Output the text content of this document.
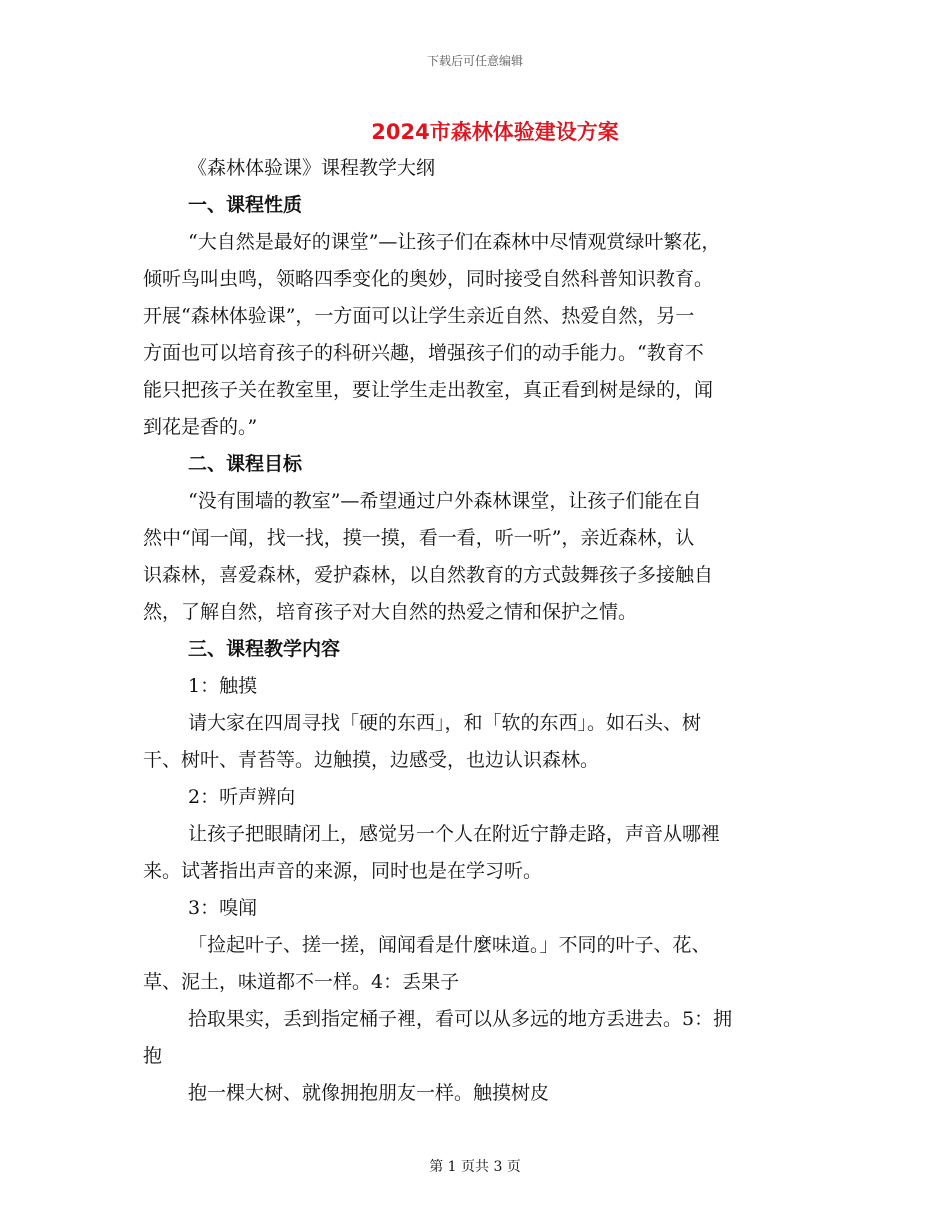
下载后可任意编辑
2024市森林体验建设方案
《森林体验课》课程教学大纲
一、课程性质
“大自然是最好的课堂”—让孩子们在森林中尽情观赏绿叶繁花，
倾听鸟叫虫鸣，领略四季变化的奥妙，同时接受自然科普知识教育。
开展“森林体验课”，一方面可以让学生亲近自然、热爱自然，另一
方面也可以培育孩子的科研兴趣，增强孩子们的动手能力。“教育不
能只把孩子关在教室里，要让学生走出教室，真正看到树是绿的，闻
到花是香的。”
二、课程目标
“没有围墙的教室”—希望通过户外森林课堂，让孩子们能在自
然中“闻一闻，找一找，摸一摸，看一看，听一听”，亲近森林，认
识森林，喜爱森林，爱护森林，以自然教育的方式鼓舞孩子多接触自
然，了解自然，培育孩子对大自然的热爱之情和保护之情。
三、课程教学内容
1：触摸
请大家在四周寻找「硬的东西」，和「软的东西」。如石头、树
干、树叶、青苔等。边触摸，边感受，也边认识森林。
2：听声辨向
让孩子把眼睛闭上，感觉另一个人在附近宁静走路，声音从哪裡
来。试著指出声音的来源，同时也是在学习听。
3：嗅闻
「捡起叶子、搓一搓，闻闻看是什麼味道。」不同的叶子、花、
草、泥土，味道都不一样。4：丢果子
拾取果实，丢到指定桶子裡，看可以从多远的地方丢进去。5：拥
抱
抱一棵大树、就像拥抱朋友一样。触摸树皮
第 1 页共 3 页
